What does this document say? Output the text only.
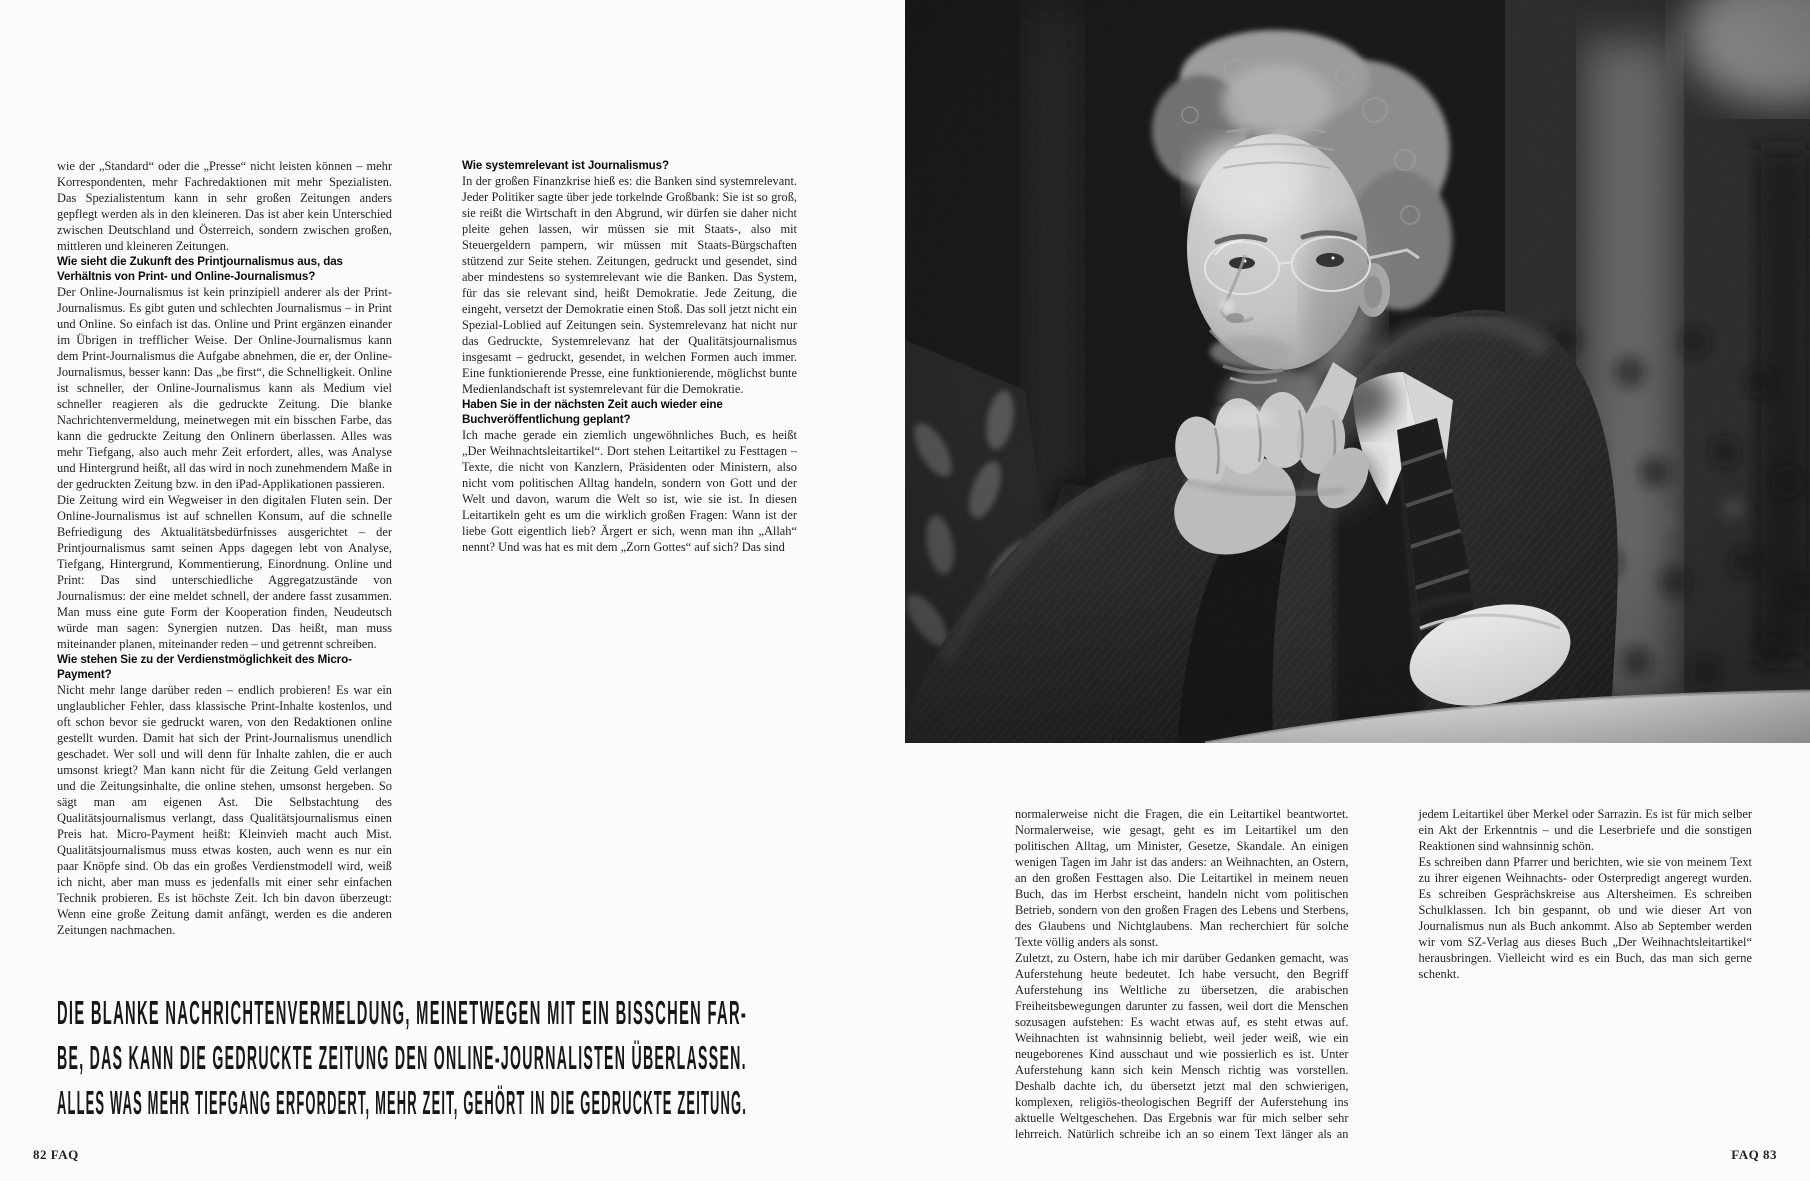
wie der „Standard“ oder die „Presse“ nicht leisten können – mehr Korrespondenten, mehr Fachredaktionen mit mehr Spezialisten. Das Spezialistentum kann in sehr großen Zeitungen anders gepflegt werden als in den kleineren. Das ist aber kein Unterschied zwischen Deutschland und Österreich, sondern zwischen großen, mittleren und kleineren Zeitungen.

Wie sieht die Zukunft des Printjournalismus aus, das Verhältnis von Print- und Online-Journalismus?

Der Online-Journalismus ist kein prinzipiell anderer als der Print-Journalismus. Es gibt guten und schlechten Journalismus – in Print und Online. So einfach ist das. Online und Print ergänzen einander im Übrigen in trefflicher Weise. Der Online-Journalismus kann dem Print-Journalismus die Aufgabe abnehmen, die er, der Online-Journalismus, besser kann: Das „be first“, die Schnelligkeit. Online ist schneller, der Online-Journalismus kann als Medium viel schneller reagieren als die gedruckte Zeitung. Die blanke Nachrichtenvermeldung, meinetwegen mit ein bisschen Farbe, das kann die gedruckte Zeitung den Onlinern überlassen. Alles was mehr Tiefgang, also auch mehr Zeit erfordert, alles, was Analyse und Hintergrund heißt, all das wird in noch zunehmendem Maße in der gedruckten Zeitung bzw. in den iPad-Applikationen passieren.

Die Zeitung wird ein Wegweiser in den digitalen Fluten sein. Der Online-Journalismus ist auf schnellen Konsum, auf die schnelle Befriedigung des Aktualitätsbedürfnisses ausgerichtet – der Printjournalismus samt seinen Apps dagegen lebt von Analyse, Tiefgang, Hintergrund, Kommentierung, Einordnung. Online und Print: Das sind unterschiedliche Aggregatzustände von Journalismus: der eine meldet schnell, der andere fasst zusammen. Man muss eine gute Form der Kooperation finden, Neudeutsch würde man sagen: Synergien nutzen. Das heißt, man muss miteinander planen, miteinander reden – und getrennt schreiben.

Wie stehen Sie zu der Verdienstmöglichkeit des Micro-Payment?

Nicht mehr lange darüber reden – endlich probieren! Es war ein unglaublicher Fehler, dass klassische Print-Inhalte kostenlos, und oft schon bevor sie gedruckt waren, von den Redaktionen online gestellt wurden. Damit hat sich der Print-Journalismus unendlich geschadet. Wer soll und will denn für Inhalte zahlen, die er auch umsonst kriegt? Man kann nicht für die Zeitung Geld verlangen und die Zeitungsinhalte, die online stehen, umsonst hergeben. So sägt man am eigenen Ast. Die Selbstachtung des Qualitätsjournalismus verlangt, dass Qualitätsjournalismus einen Preis hat. Micro-Payment heißt: Kleinvieh macht auch Mist. Qualitätsjournalismus muss etwas kosten, auch wenn es nur ein paar Knöpfe sind. Ob das ein großes Verdienstmodell wird, weiß ich nicht, aber man muss es jedenfalls mit einer sehr einfachen Technik probieren. Es ist höchste Zeit. Ich bin davon überzeugt: Wenn eine große Zeitung damit anfängt, werden es die anderen Zeitungen nachmachen.

Wie systemrelevant ist Journalismus?

In der großen Finanzkrise hieß es: die Banken sind systemrelevant. Jeder Politiker sagte über jede torkelnde Großbank: Sie ist so groß, sie reißt die Wirtschaft in den Abgrund, wir dürfen sie daher nicht pleite gehen lassen, wir müssen sie mit Staats-, also mit Steuergeldern pampern, wir müssen mit Staats-Bürgschaften stützend zur Seite stehen. Zeitungen, gedruckt und gesendet, sind aber mindestens so systemrelevant wie die Banken. Das System, für das sie relevant sind, heißt Demokratie. Jede Zeitung, die eingeht, versetzt der Demokratie einen Stoß. Das soll jetzt nicht ein Spezial-Loblied auf Zeitungen sein. Systemrelevanz hat nicht nur das Gedruckte, Systemrelevanz hat der Qualitätsjournalismus insgesamt – gedruckt, gesendet, in welchen Formen auch immer. Eine funktionierende Presse, eine funktionierende, möglichst bunte Medienlandschaft ist systemrelevant für die Demokratie.

Haben Sie in der nächsten Zeit auch wieder eine Buchveröffentlichung geplant?

Ich mache gerade ein ziemlich ungewöhnliches Buch, es heißt „Der Weihnachtsleitartikel“. Dort stehen Leitartikel zu Festtagen – Texte, die nicht von Kanzlern, Präsidenten oder Ministern, also nicht vom politischen Alltag handeln, sondern von Gott und der Welt und davon, warum die Welt so ist, wie sie ist. In diesen Leitartikeln geht es um die wirklich großen Fragen: Wann ist der liebe Gott eigentlich lieb? Ärgert er sich, wenn man ihn „Allah“ nennt? Und was hat es mit dem „Zorn Gottes“ auf sich? Das sind

DIE BLANKE NACHRICHTENVERMELDUNG, MEINETWEGEN MIT EIN BISSCHEN FAR-
BE, DAS KANN DIE GEDRUCKTE ZEITUNG DEN ONLINE-JOURNALISTEN ÜBERLASSEN.
ALLES WAS MEHR TIEFGANG ERFORDERT, MEHR ZEIT, GEHÖRT IN DIE GEDRUCKTE ZEITUNG.
82 FAQ	FAQ 83

normalerweise nicht die Fragen, die ein Leitartikel beantwortet. Normalerweise, wie gesagt, geht es im Leitartikel um den politischen Alltag, um Minister, Gesetze, Skandale. An einigen wenigen Tagen im Jahr ist das anders: an Weihnachten, an Ostern, an den großen Festtagen also. Die Leitartikel in meinem neuen Buch, das im Herbst erscheint, handeln nicht vom politischen Betrieb, sondern von den großen Fragen des Lebens und Sterbens, des Glaubens und Nichtglaubens. Man recherchiert für solche Texte völlig anders als sonst.

Zuletzt, zu Ostern, habe ich mir darüber Gedanken gemacht, was Auferstehung heute bedeutet. Ich habe versucht, den Begriff Auferstehung ins Weltliche zu übersetzen, die arabischen Freiheitsbewegungen darunter zu fassen, weil dort die Menschen sozusagen aufstehen: Es wacht etwas auf, es steht etwas auf. Weihnachten ist wahnsinnig beliebt, weil jeder weiß, wie ein neugeborenes Kind ausschaut und wie possierlich es ist. Unter Auferstehung kann sich kein Mensch richtig was vorstellen. Deshalb dachte ich, du übersetzt jetzt mal den schwierigen, komplexen, religiös-theologischen Begriff der Auferstehung ins aktuelle Weltgeschehen. Das Ergebnis war für mich selber sehr lehrreich. Natürlich schreibe ich an so einem Text länger als an jedem Leitartikel über Merkel oder Sarrazin. Es ist für mich selber ein Akt der Erkenntnis – und die Leserbriefe und die sonstigen Reaktionen sind wahnsinnig schön.

Es schreiben dann Pfarrer und berichten, wie sie von meinem Text zu ihrer eigenen Weihnachts- oder Osterpredigt angeregt wurden. Es schreiben Gesprächskreise aus Altersheimen. Es schreiben Schulklassen. Ich bin gespannt, ob und wie dieser Art von Journalismus nun als Buch ankommt. Also ab September werden wir vom SZ-Verlag aus dieses Buch „Der Weihnachtsleitartikel“ herausbringen. Vielleicht wird es ein Buch, das man sich gerne schenkt.
